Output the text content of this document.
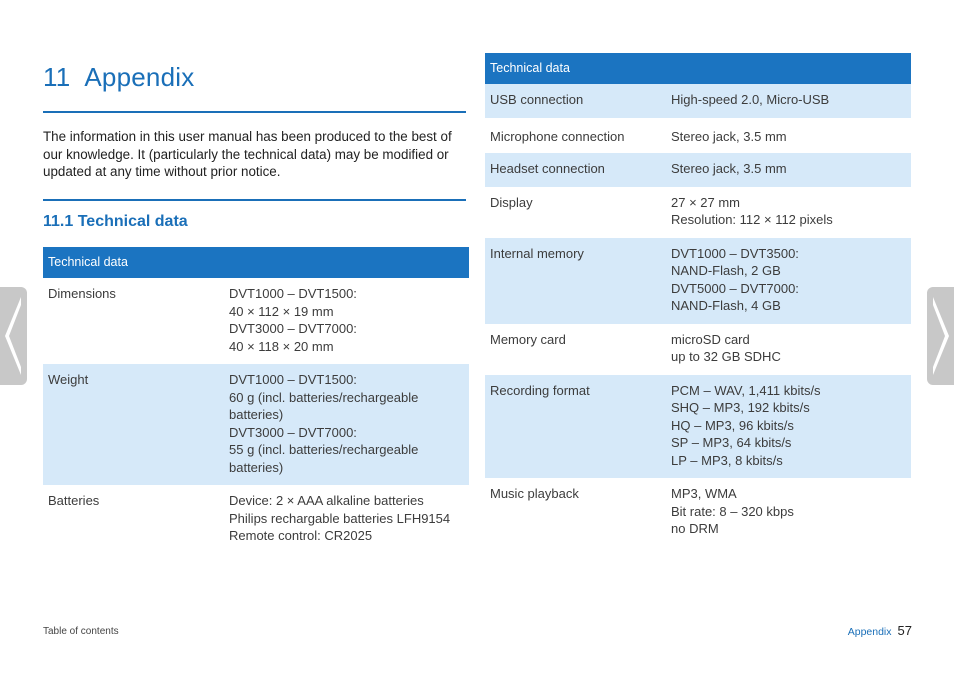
11 Appendix

The information in this user manual has been produced to the best of our knowledge. It (particularly the technical data) may be modified or updated at any time without prior notice.

11.1 Technical data
Technical data
Dimensions	DVT1000 – DVT1500:
40 × 112 × 19 mm
DVT3000 – DVT7000:
40 × 118 × 20 mm
Weight	DVT1000 – DVT1500:
60 g (incl. batteries/rechargeable batteries)
DVT3000 – DVT7000:
55 g (incl. batteries/rechargeable batteries)
Batteries	Device: 2 × AAA alkaline batteries
Philips rechargable batteries LFH9154
Remote control: CR2025
Technical data
USB connection	High-speed 2.0, Micro-USB
Microphone connection	Stereo jack, 3.5 mm
Headset connection	Stereo jack, 3.5 mm
Display	27 × 27 mm
Resolution: 112 × 112 pixels
Internal memory	DVT1000 – DVT3500:
NAND-Flash, 2 GB
DVT5000 – DVT7000:
NAND-Flash, 4 GB
Memory card	microSD card
up to 32 GB SDHC
Recording format	PCM – WAV, 1,411 kbits/s
SHQ – MP3, 192 kbits/s
HQ – MP3, 96 kbits/s
SP – MP3, 64 kbits/s
LP – MP3, 8 kbits/s
Music playback	MP3, WMA
Bit rate: 8 – 320 kbps
no DRM
Table of contents	Appendix 57
